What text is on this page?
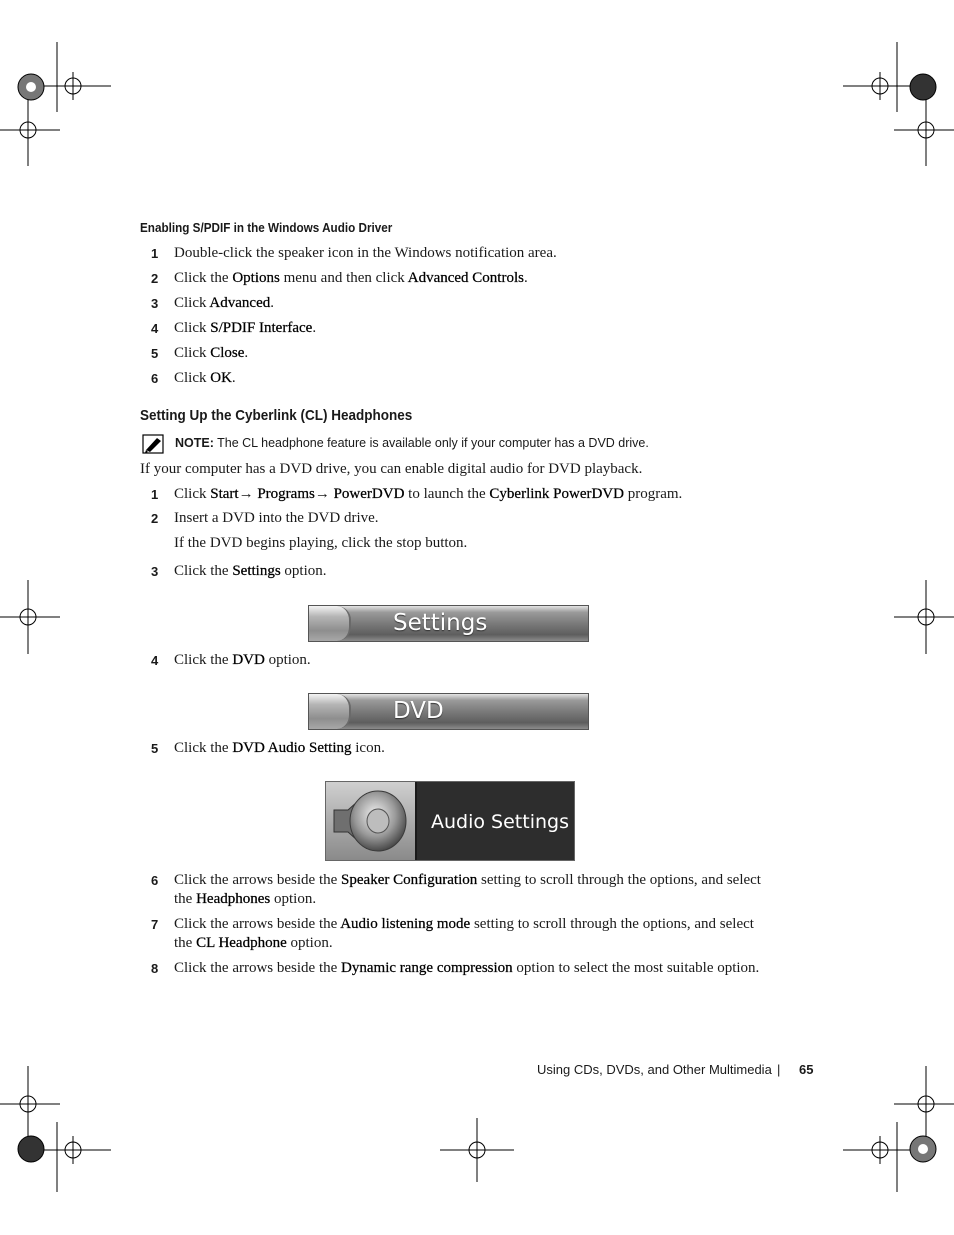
Enabling S/PDIF in the Windows Audio Driver
1 Double-click the speaker icon in the Windows notification area.
2 Click the Options menu and then click Advanced Controls.
3 Click Advanced.
4 Click S/PDIF Interface.
5 Click Close.
6 Click OK.
Setting Up the Cyberlink (CL) Headphones
NOTE: The CL headphone feature is available only if your computer has a DVD drive.
If your computer has a DVD drive, you can enable digital audio for DVD playback.
1 Click Start→ Programs→ PowerDVD to launch the Cyberlink PowerDVD program.
2 Insert a DVD into the DVD drive.
If the DVD begins playing, click the stop button.
3 Click the Settings option.
4 Click the DVD option.
5 Click the DVD Audio Setting icon.
6 Click the arrows beside the Speaker Configuration setting to scroll through the options, and select the Headphones option.
7 Click the arrows beside the Audio listening mode setting to scroll through the options, and select the CL Headphone option.
8 Click the arrows beside the Dynamic range compression option to select the most suitable option.
Settings
DVD
Audio Settings
Using CDs, DVDs, and Other Multimedia | 65
